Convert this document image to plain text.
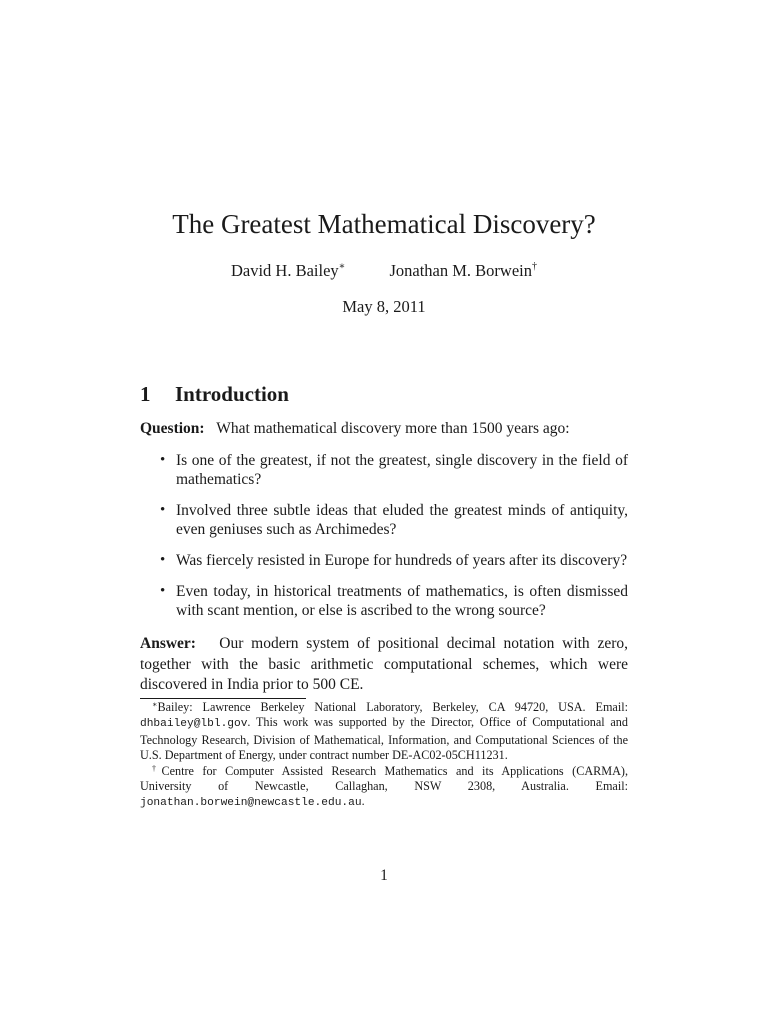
The Greatest Mathematical Discovery?
David H. Bailey∗	Jonathan M. Borwein†
May 8, 2011
1 Introduction
Question: What mathematical discovery more than 1500 years ago:
• Is one of the greatest, if not the greatest, single discovery in the field of mathematics?
• Involved three subtle ideas that eluded the greatest minds of antiquity, even geniuses such as Archimedes?
• Was fiercely resisted in Europe for hundreds of years after its discovery?
• Even today, in historical treatments of mathematics, is often dismissed with scant mention, or else is ascribed to the wrong source?
Answer: Our modern system of positional decimal notation with zero, together with the basic arithmetic computational schemes, which were discovered in India prior to 500 CE.

∗Bailey: Lawrence Berkeley National Laboratory, Berkeley, CA 94720, USA. Email: dhbailey@lbl.gov. This work was supported by the Director, Office of Computational and Technology Research, Division of Mathematical, Information, and Computational Sciences of the U.S. Department of Energy, under contract number DE-AC02-05CH11231.

†Centre for Computer Assisted Research Mathematics and its Applications (CARMA), University of Newcastle, Callaghan, NSW 2308, Australia. Email: jonathan.borwein@newcastle.edu.au.

1
